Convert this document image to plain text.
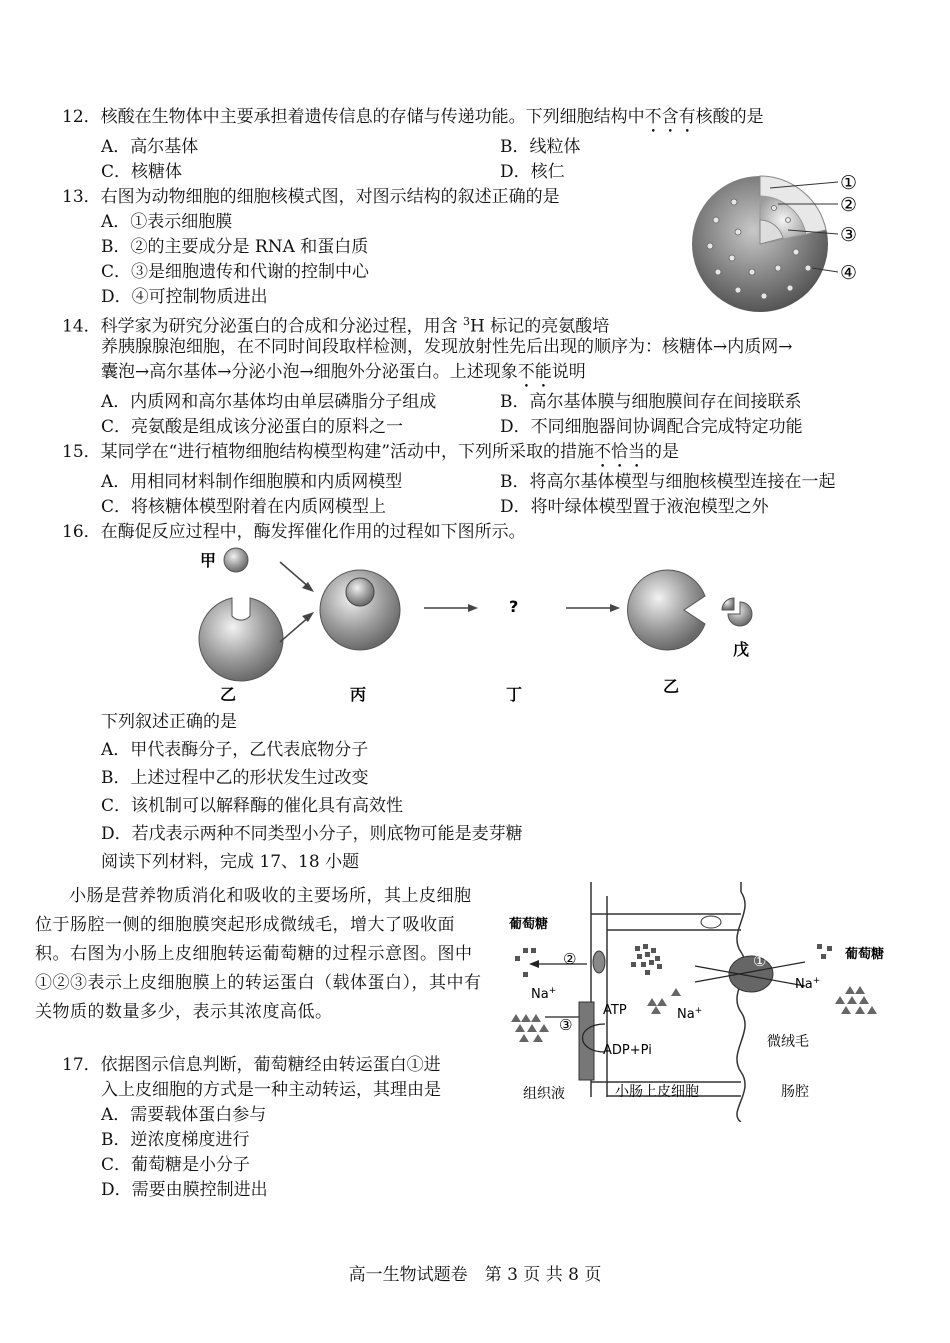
12．核酸在生物体中主要承担着遗传信息的存储与传递功能。下列细胞结构中不含有核酸的是
A．高尔基体	B．线粒体
C．核糖体	D．核仁
13．右图为动物细胞的细胞核模式图，对图示结构的叙述正确的是
A．①表示细胞膜
B．②的主要成分是 RNA 和蛋白质
C．③是细胞遗传和代谢的控制中心
D．④可控制物质进出
①
②
③
④
14．科学家为研究分泌蛋白的合成和分泌过程，用含 $^3$H 标记的亮氨酸培
养胰腺腺泡细胞，在不同时间段取样检测，发现放射性先后出现的顺序为：核糖体→内质网→
囊泡→高尔基体→分泌小泡→细胞外分泌蛋白。上述现象不能说明
A．内质网和高尔基体均由单层磷脂分子组成	B．高尔基体膜与细胞膜间存在间接联系
C．亮氨酸是组成该分泌蛋白的原料之一	D．不同细胞器间协调配合完成特定功能
15．某同学在“进行植物细胞结构模型构建”活动中，下列所采取的措施不恰当的是
A．用相同材料制作细胞膜和内质网模型	B．将高尔基体模型与细胞核模型连接在一起
C．将核糖体模型附着在内质网模型上	D．将叶绿体模型置于液泡模型之外
16．在酶促反应过程中，酶发挥催化作用的过程如下图所示。
甲
乙	丙
?
丁	乙
戊
下列叙述正确的是
A．甲代表酶分子，乙代表底物分子
B．上述过程中乙的形状发生过改变
C．该机制可以解释酶的催化具有高效性
D．若戊表示两种不同类型小分子，则底物可能是麦芽糖
阅读下列材料，完成 17、18 小题
小肠是营养物质消化和吸收的主要场所，其上皮细胞位于肠腔一侧的细胞膜突起形成微绒毛，增大了吸收面积。右图为小肠上皮细胞转运葡萄糖的过程示意图。图中①②③表示上皮细胞膜上的转运蛋白（载体蛋白），其中有关物质的数量多少，表示其浓度高低。
葡萄糖
葡萄糖
②	①
③
Na+
Na+
Na+
ATP
ADP+Pi
微绒毛
组织液	小肠上皮细胞	肠腔
17．依据图示信息判断，葡萄糖经由转运蛋白①进
入上皮细胞的方式是一种主动转运，其理由是
A．需要载体蛋白参与
B．逆浓度梯度进行
C．葡萄糖是小分子
D．需要由膜控制进出
高一生物试题卷　第 3 页 共 8 页
